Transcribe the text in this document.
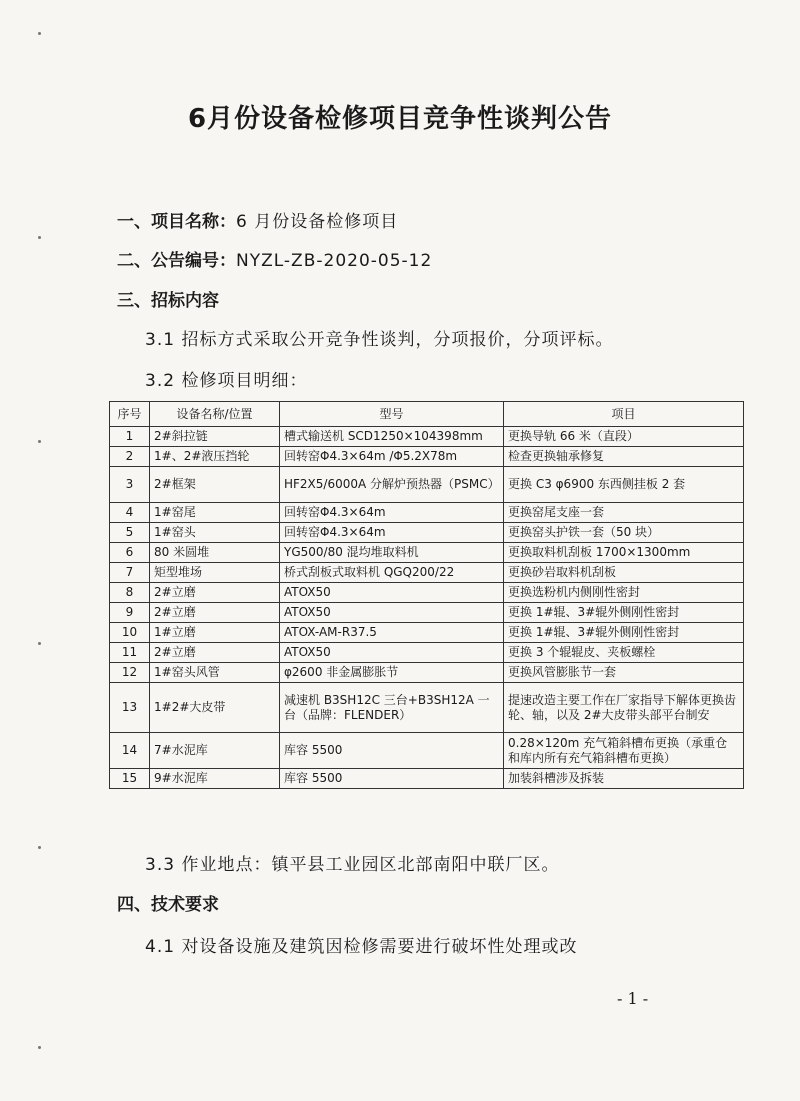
6月份设备检修项目竞争性谈判公告
一、项目名称：6 月份设备检修项目
二、公告编号：NYZL-ZB-2020-05-12
三、招标内容
3.1 招标方式采取公开竞争性谈判，分项报价，分项评标。
3.2 检修项目明细：
序号	设备名称/位置	型号	项目
1	2#斜拉链	槽式输送机 SCD1250×104398mm	更换导轨 66 米（直段）
2	1#、2#液压挡轮	回转窑Φ4.3×64m /Φ5.2X78m	检查更换轴承修复
3	2#框架	HF2X5/6000A 分解炉预热器（PSMC）	更换 C3 φ6900 东西侧挂板 2 套
4	1#窑尾	回转窑Φ4.3×64m	更换窑尾支座一套
5	1#窑头	回转窑Φ4.3×64m	更换窑头护铁一套（50 块）
6	80 米圆堆	YG500/80 混均堆取料机	更换取料机刮板 1700×1300mm
7	矩型堆场	桥式刮板式取料机 QGQ200/22	更换砂岩取料机刮板
8	2#立磨	ATOX50	更换选粉机内侧刚性密封
9	2#立磨	ATOX50	更换 1#辊、3#辊外侧刚性密封
10	1#立磨	ATOX-AM-R37.5	更换 1#辊、3#辊外侧刚性密封
11	2#立磨	ATOX50	更换 3 个辊辊皮、夹板螺栓
12	1#窑头风管	φ2600 非金属膨胀节	更换风管膨胀节一套
13	1#2#大皮带	减速机 B3SH12C 三台+B3SH12A 一台（品牌：FLENDER）	提速改造主要工作在厂家指导下解体更换齿轮、轴，以及 2#大皮带头部平台制安
14	7#水泥库	库容 5500	0.28×120m 充气箱斜槽布更换（承重仓和库内所有充气箱斜槽布更换）
15	9#水泥库	库容 5500	加装斜槽涉及拆装
3.3 作业地点：镇平县工业园区北部南阳中联厂区。
四、技术要求
4.1 对设备设施及建筑因检修需要进行破坏性处理或改
- 1 -
